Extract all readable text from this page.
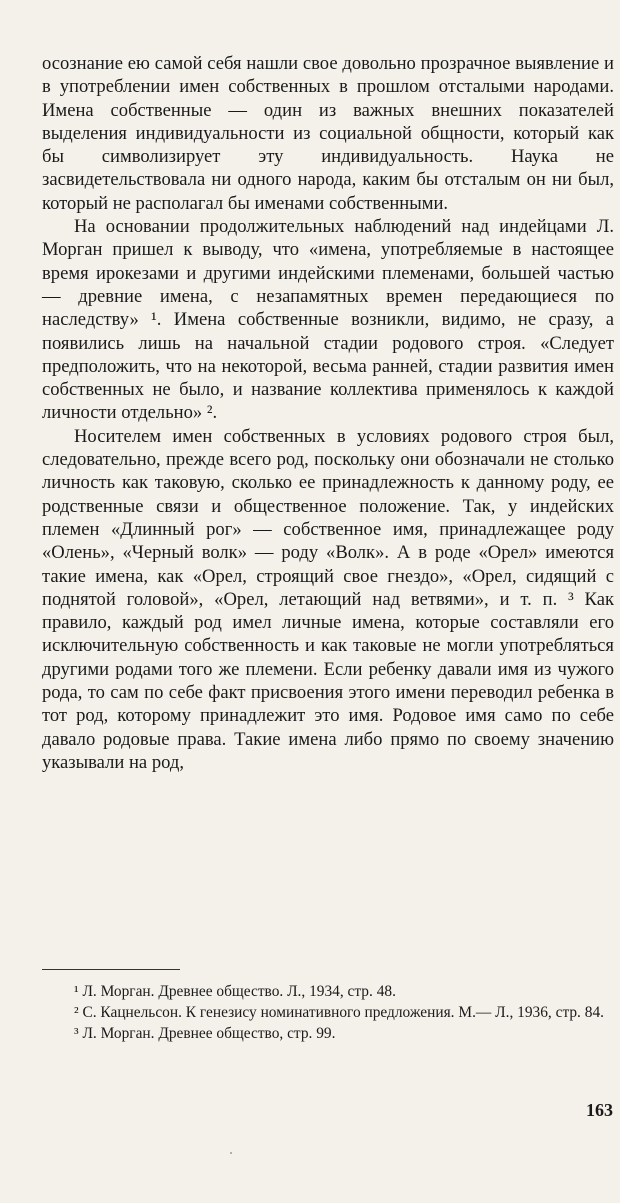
осознание ею самой себя нашли свое довольно прозрачное выявление и в употреблении имен собственных в прошлом отсталыми народами. Имена собственные — один из важных внешних показателей выделения индивидуальности из социальной общности, который как бы символизирует эту индивидуальность. Наука не засвидетельствовала ни одного народа, каким бы отсталым он ни был, который не располагал бы именами собственными.

На основании продолжительных наблюдений над индейцами Л. Морган пришел к выводу, что «имена, употребляемые в настоящее время ирокезами и другими индейскими племенами, большей частью — древние имена, с незапамятных времен передающиеся по наследству» ¹. Имена собственные возникли, видимо, не сразу, а появились лишь на начальной стадии родового строя. «Следует предположить, что на некоторой, весьма ранней, стадии развития имен собственных не было, и название коллектива применялось к каждой личности отдельно» ².

Носителем имен собственных в условиях родового строя был, следовательно, прежде всего род, поскольку они обозначали не столько личность как таковую, сколько ее принадлежность к данному роду, ее родственные связи и общественное положение. Так, у индейских племен «Длинный рог» — собственное имя, принадлежащее роду «Олень», «Черный волк» — роду «Волк». А в роде «Орел» имеются такие имена, как «Орел, строящий свое гнездо», «Орел, сидящий с поднятой головой», «Орел, летающий над ветвями», и т. п. ³ Как правило, каждый род имел личные имена, которые составляли его исключительную собственность и как таковые не могли употребляться другими родами того же племени. Если ребенку давали имя из чужого рода, то сам по себе факт присвоения этого имени переводил ребенка в тот род, которому принадлежит это имя. Родовое имя само по себе давало родовые права. Такие имена либо прямо по своему значению указывали на род,

¹ Л. Морган. Древнее общество. Л., 1934, стр. 48.

² С. Кацнельсон. К генезису номинативного предложения. М.— Л., 1936, стр. 84.

³ Л. Морган. Древнее общество, стр. 99.

163
